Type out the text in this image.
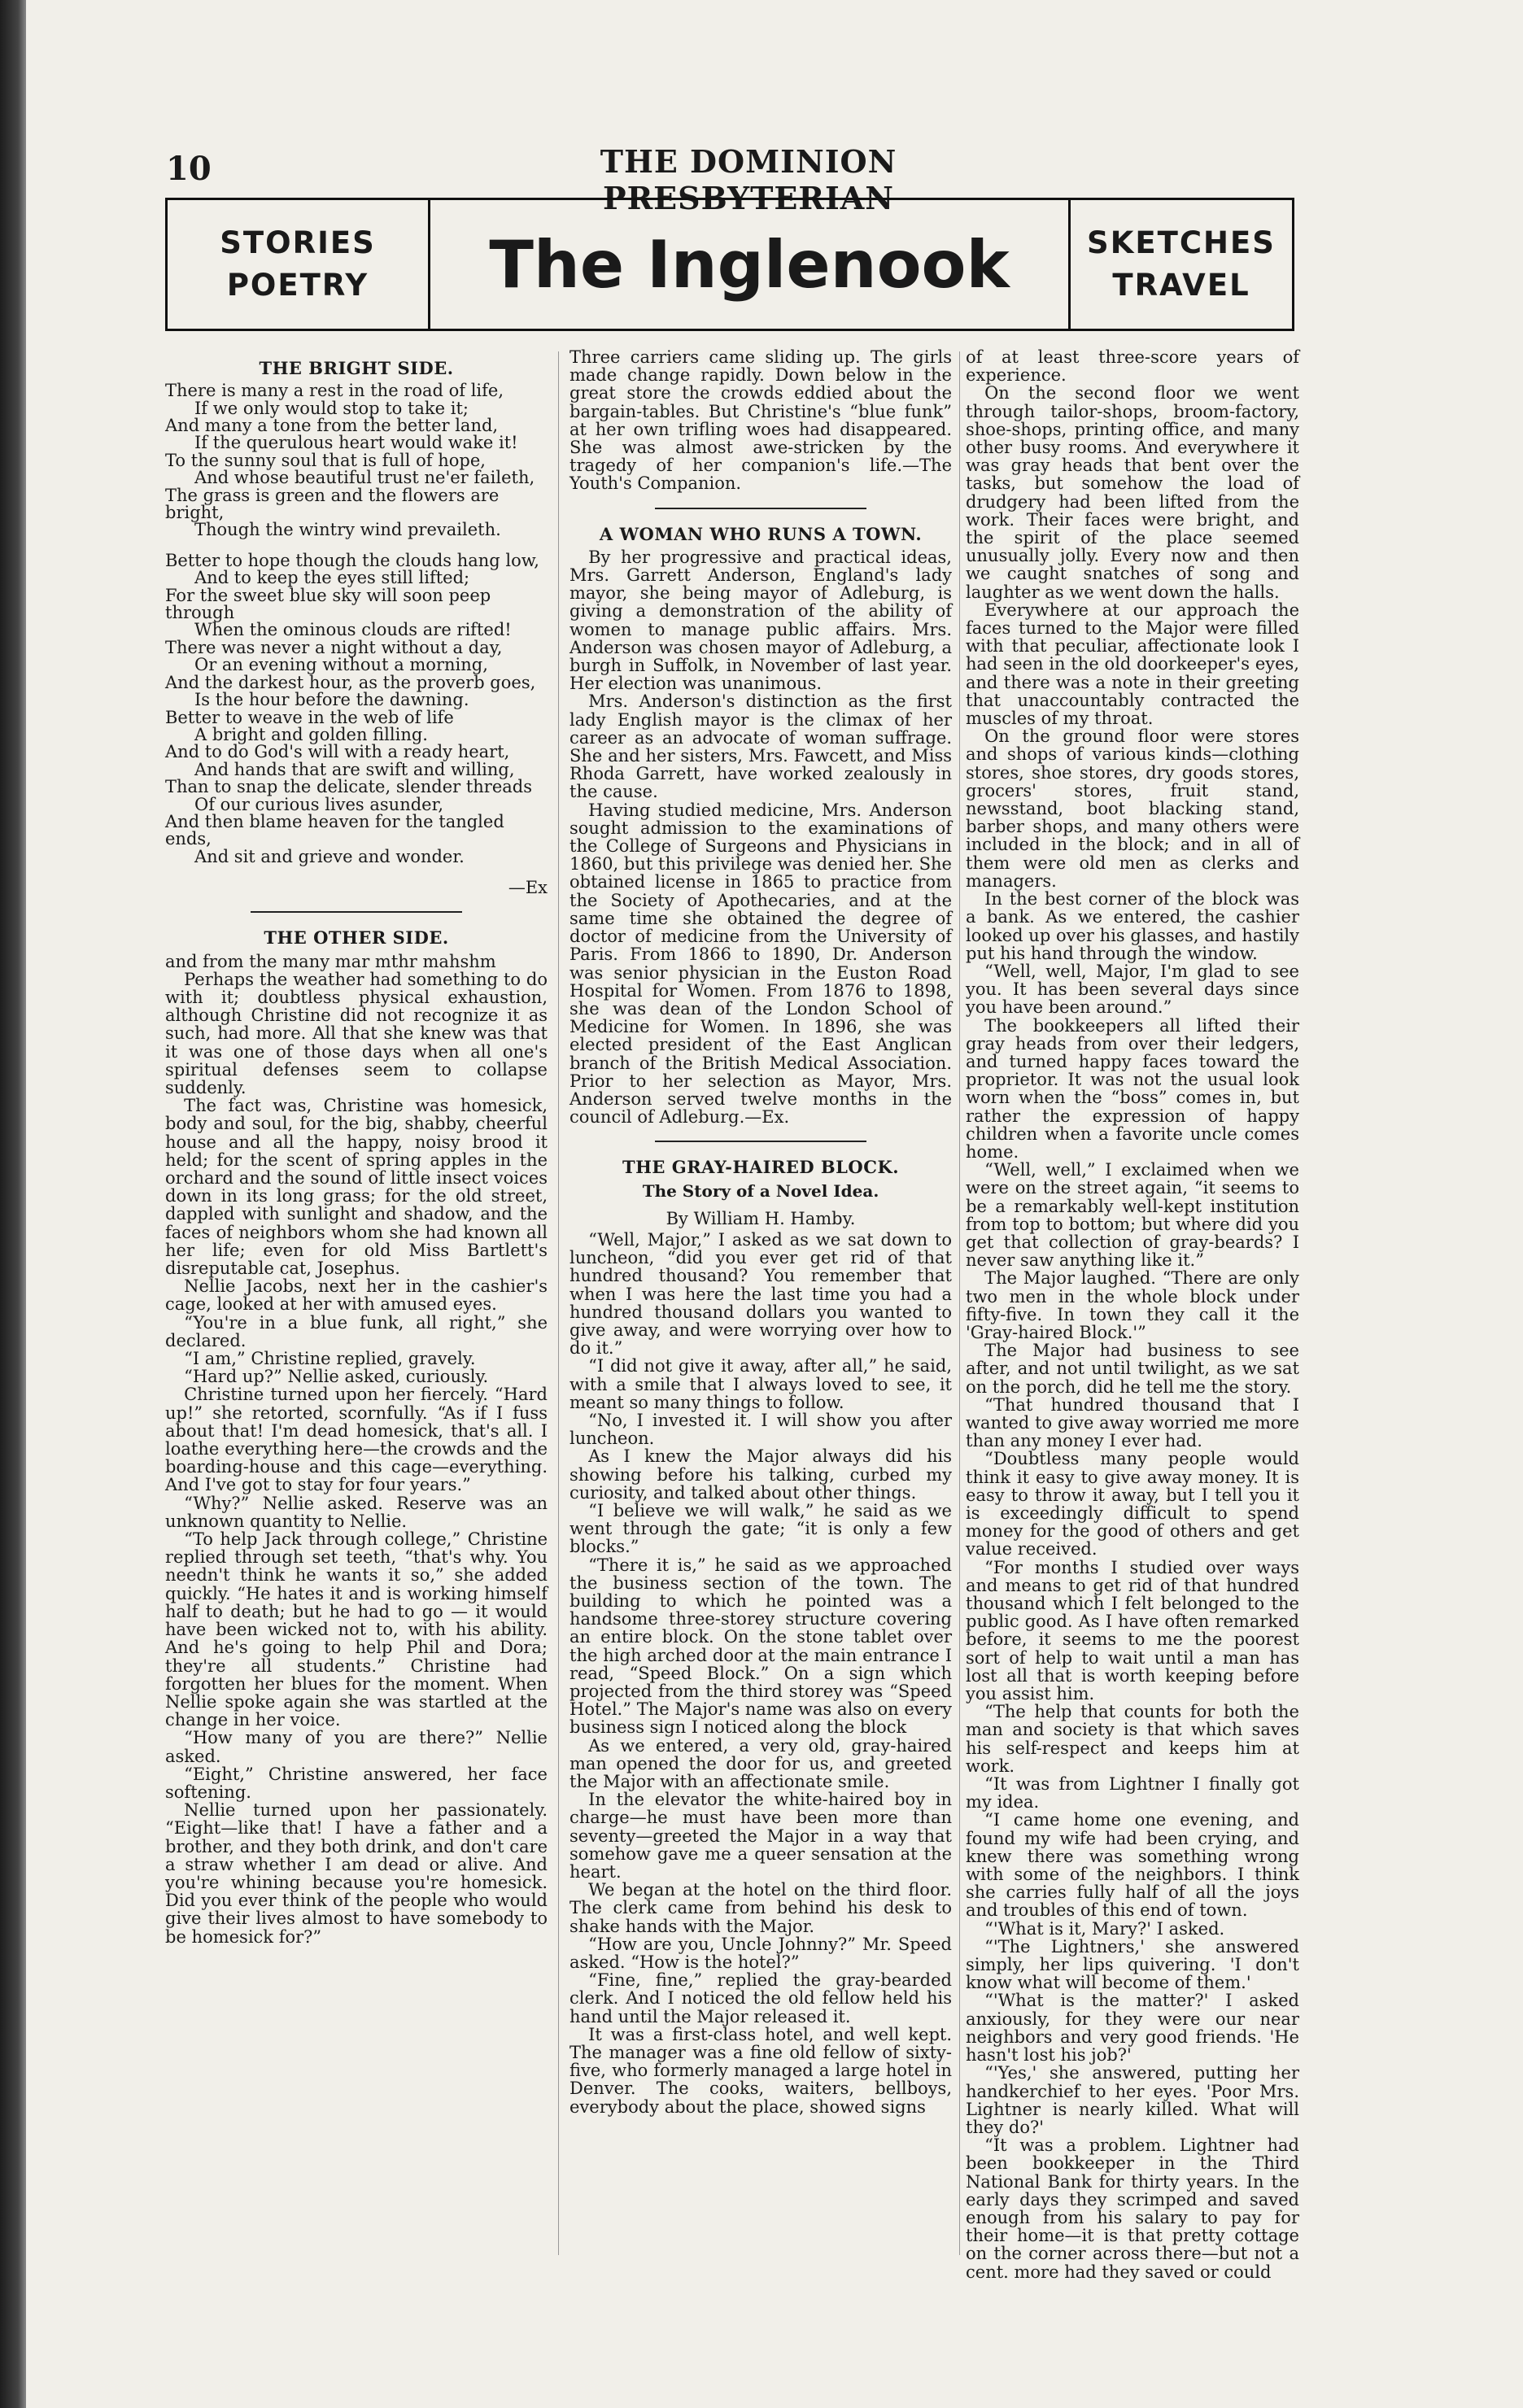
10	THE DOMINION PRESBYTERIAN
STORIES
POETRY	The Inglenook	SKETCHES
TRAVEL
THE BRIGHT SIDE.
There is many a rest in the road of life,
If we only would stop to take it;
And many a tone from the better land,
If the querulous heart would wake it!
To the sunny soul that is full of hope,
And whose beautiful trust ne'er faileth,
The grass is green and the flowers are bright,
Though the wintry wind prevaileth.
Better to hope though the clouds hang low,
And to keep the eyes still lifted;
For the sweet blue sky will soon peep through
When the ominous clouds are rifted!
There was never a night without a day,
Or an evening without a morning,
And the darkest hour, as the proverb goes,
Is the hour before the dawning.
Better to weave in the web of life
A bright and golden filling.
And to do God's will with a ready heart,
And hands that are swift and willing,
Than to snap the delicate, slender threads
Of our curious lives asunder,
And then blame heaven for the tangled ends,
And sit and grieve and wonder.

—Ex

THE OTHER SIDE.

and from the many mar mthr mahshm

Perhaps the weather had something to do with it; doubtless physical exhaustion, although Christine did not recognize it as such, had more. All that she knew was that it was one of those days when all one's spiritual defenses seem to collapse suddenly.

The fact was, Christine was homesick, body and soul, for the big, shabby, cheerful house and all the happy, noisy brood it held; for the scent of spring apples in the orchard and the sound of little insect voices down in its long grass; for the old street, dappled with sunlight and shadow, and the faces of neighbors whom she had known all her life; even for old Miss Bartlett's disreputable cat, Josephus.

Nellie Jacobs, next her in the cashier's cage, looked at her with amused eyes.

“You're in a blue funk, all right,” she declared.

“I am,” Christine replied, gravely.

“Hard up?” Nellie asked, curiously.

Christine turned upon her fiercely. “Hard up!” she retorted, scornfully. “As if I fuss about that! I'm dead homesick, that's all. I loathe everything here—the crowds and the boarding-house and this cage—everything. And I've got to stay for four years.”

“Why?” Nellie asked. Reserve was an unknown quantity to Nellie.

“To help Jack through college,” Christine replied through set teeth, “that's why. You needn't think he wants it so,” she added quickly. “He hates it and is working himself half to death; but he had to go — it would have been wicked not to, with his ability. And he's going to help Phil and Dora; they're all students.” Christine had forgotten her blues for the moment. When Nellie spoke again she was startled at the change in her voice.

“How many of you are there?” Nellie asked.

“Eight,” Christine answered, her face softening.

Nellie turned upon her passionately. “Eight—like that! I have a father and a brother, and they both drink, and don't care a straw whether I am dead or alive. And you're whining because you're homesick. Did you ever think of the people who would give their lives almost to have somebody to be homesick for?”

Three carriers came sliding up. The girls made change rapidly. Down below in the great store the crowds eddied about the bargain-tables. But Christine's “blue funk” at her own trifling woes had disappeared. She was almost awe-stricken by the tragedy of her companion's life.—The Youth's Companion.

A WOMAN WHO RUNS A TOWN.

By her progressive and practical ideas, Mrs. Garrett Anderson, England's lady mayor, she being mayor of Adleburg, is giving a demonstration of the ability of women to manage public affairs. Mrs. Anderson was chosen mayor of Adleburg, a burgh in Suffolk, in November of last year. Her election was unanimous.

Mrs. Anderson's distinction as the first lady English mayor is the climax of her career as an advocate of woman suffrage. She and her sisters, Mrs. Fawcett, and Miss Rhoda Garrett, have worked zealously in the cause.

Having studied medicine, Mrs. Anderson sought admission to the examinations of the College of Surgeons and Physicians in 1860, but this privilege was denied her. She obtained license in 1865 to practice from the Society of Apothecaries, and at the same time she obtained the degree of doctor of medicine from the University of Paris. From 1866 to 1890, Dr. Anderson was senior physician in the Euston Road Hospital for Women. From 1876 to 1898, she was dean of the London School of Medicine for Women. In 1896, she was elected president of the East Anglican branch of the British Medical Association. Prior to her selection as Mayor, Mrs. Anderson served twelve months in the council of Adleburg.—Ex.

THE GRAY-HAIRED BLOCK.
The Story of a Novel Idea.
By William H. Hamby.

“Well, Major,” I asked as we sat down to luncheon, “did you ever get rid of that hundred thousand? You remember that when I was here the last time you had a hundred thousand dollars you wanted to give away, and were worrying over how to do it.”

“I did not give it away, after all,” he said, with a smile that I always loved to see, it meant so many things to follow.

“No, I invested it. I will show you after luncheon.

As I knew the Major always did his showing before his talking, curbed my curiosity, and talked about other things.

“I believe we will walk,” he said as we went through the gate; “it is only a few blocks.”

“There it is,” he said as we approached the business section of the town. The building to which he pointed was a handsome three-storey structure covering an entire block. On the stone tablet over the high arched door at the main entrance I read, “Speed Block.” On a sign which projected from the third storey was “Speed Hotel.” The Major's name was also on every business sign I noticed along the block

As we entered, a very old, gray-haired man opened the door for us, and greeted the Major with an affectionate smile.

In the elevator the white-haired boy in charge—he must have been more than seventy—greeted the Major in a way that somehow gave me a queer sensation at the heart.

We began at the hotel on the third floor. The clerk came from behind his desk to shake hands with the Major.

“How are you, Uncle Johnny?” Mr. Speed asked. “How is the hotel?”

“Fine, fine,” replied the gray-bearded clerk. And I noticed the old fellow held his hand until the Major released it.

It was a first-class hotel, and well kept. The manager was a fine old fellow of sixty-five, who formerly managed a large hotel in Denver. The cooks, waiters, bellboys, everybody about the place, showed signs

of at least three-score years of experience.

On the second floor we went through tailor-shops, broom-factory, shoe-shops, printing office, and many other busy rooms. And everywhere it was gray heads that bent over the tasks, but somehow the load of drudgery had been lifted from the work. Their faces were bright, and the spirit of the place seemed unusually jolly. Every now and then we caught snatches of song and laughter as we went down the halls.

Everywhere at our approach the faces turned to the Major were filled with that peculiar, affectionate look I had seen in the old doorkeeper's eyes, and there was a note in their greeting that unaccountably contracted the muscles of my throat.

On the ground floor were stores and shops of various kinds—clothing stores, shoe stores, dry goods stores, grocers' stores, fruit stand, newsstand, boot blacking stand, barber shops, and many others were included in the block; and in all of them were old men as clerks and managers.

In the best corner of the block was a bank. As we entered, the cashier looked up over his glasses, and hastily put his hand through the window.

“Well, well, Major, I'm glad to see you. It has been several days since you have been around.”

The bookkeepers all lifted their gray heads from over their ledgers, and turned happy faces toward the proprietor. It was not the usual look worn when the “boss” comes in, but rather the expression of happy children when a favorite uncle comes home.

“Well, well,” I exclaimed when we were on the street again, “it seems to be a remarkably well-kept institution from top to bottom; but where did you get that collection of gray-beards? I never saw anything like it.”

The Major laughed. “There are only two men in the whole block under fifty-five. In town they call it the 'Gray-haired Block.'”

The Major had business to see after, and not until twilight, as we sat on the porch, did he tell me the story.

“That hundred thousand that I wanted to give away worried me more than any money I ever had.

“Doubtless many people would think it easy to give away money. It is easy to throw it away, but I tell you it is exceedingly difficult to spend money for the good of others and get value received.

“For months I studied over ways and means to get rid of that hundred thousand which I felt belonged to the public good. As I have often remarked before, it seems to me the poorest sort of help to wait until a man has lost all that is worth keeping before you assist him.

“The help that counts for both the man and society is that which saves his self-respect and keeps him at work.

“It was from Lightner I finally got my idea.

“I came home one evening, and found my wife had been crying, and knew there was something wrong with some of the neighbors. I think she carries fully half of all the joys and troubles of this end of town.

“'What is it, Mary?' I asked.

“'The Lightners,' she answered simply, her lips quivering. 'I don't know what will become of them.'

“'What is the matter?' I asked anxiously, for they were our near neighbors and very good friends. 'He hasn't lost his job?'

“'Yes,' she answered, putting her handkerchief to her eyes. 'Poor Mrs. Lightner is nearly killed. What will they do?'

“It was a problem. Lightner had been bookkeeper in the Third National Bank for thirty years. In the early days they scrimped and saved enough from his salary to pay for their home—it is that pretty cottage on the corner across there—but not a cent. more had they saved or could
